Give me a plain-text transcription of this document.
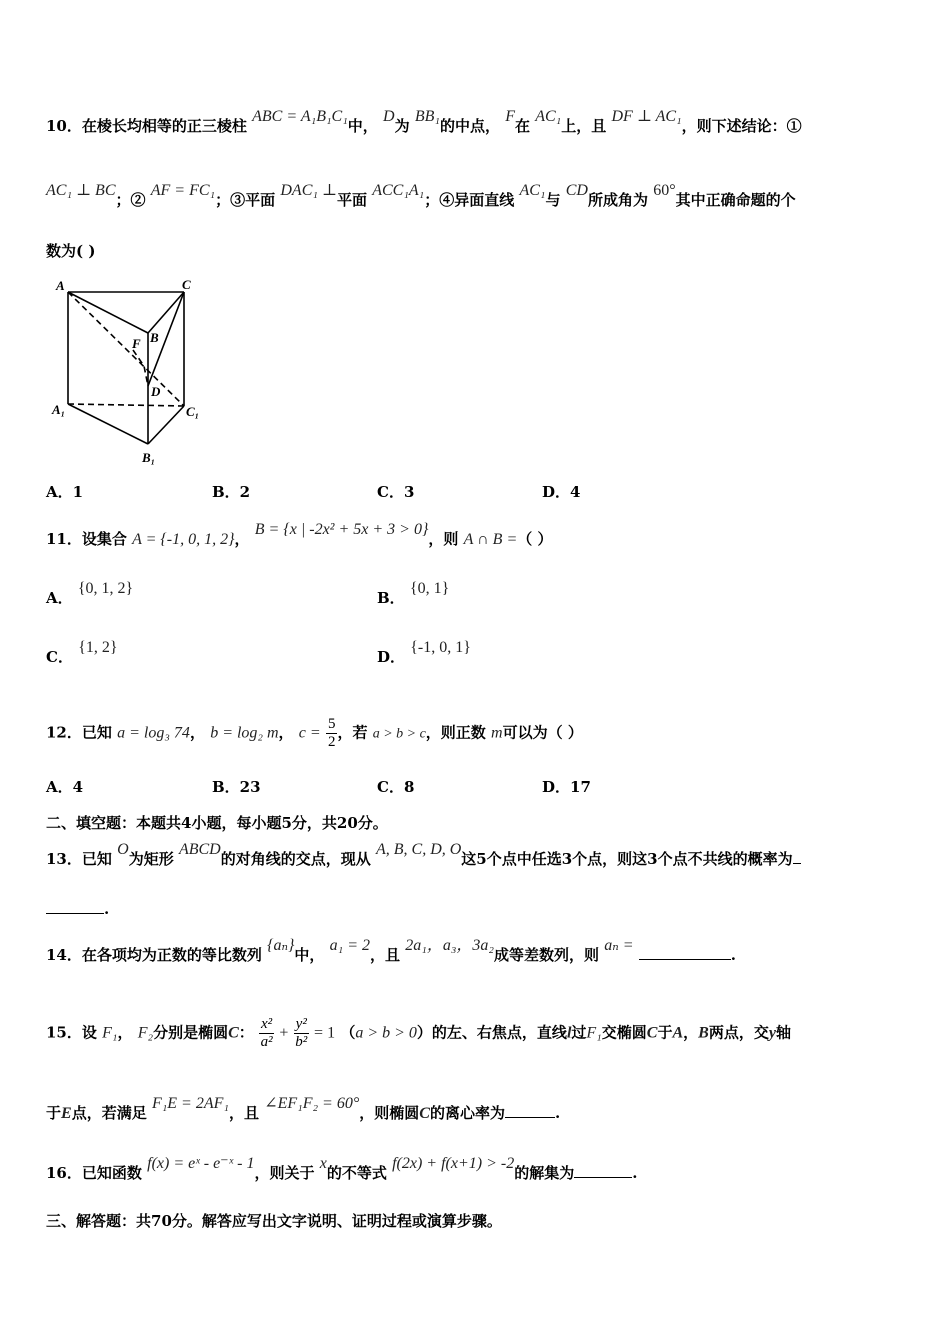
10．在棱长均相等的正三棱柱 ABC = A₁B₁C₁中， D为 BB₁的中点， F在 AC₁上，且 DF ⊥ AC₁，则下述结论：①
AC₁ ⊥ BC；② AF = FC₁；③平面 DAC₁ ⊥平面 ACC₁A₁；④异面直线 AC₁与 CD所成角为 60°其中正确命题的个
数为( )
A	C
B
F
D
A₁	C₁
B₁
A．1	B．2	C．3	D．4
11．设集合 A = {-1, 0, 1, 2}， B = {x | -2x² + 5x + 3 > 0}，则 A ∩ B =（ ）
A． {0, 1, 2}
B． {0, 1}
C． {1, 2}
D． {-1, 0, 1}
12．已知 a = log₃ 74， b = log₂ m， $c = \frac{5}{2}$ ，若 a > b > c，则正数 m可以为（ ）
A．4	B．23	C．8	D．17
二、填空题：本题共4小题，每小题5分，共20分。
13．已知 O为矩形 ABCD的对角线的交点，现从 A, B, C, D, O这5个点中任选3个点，则这3个点不共线的概率为
.
14．在各项均为正数的等比数列 {aₙ}中， a₁ = 2，且 2a₁，a₃，3a₂成等差数列，则 aₙ = .
15．设 F₁， F₂分别是椭圆C： $\frac{\text{x²}}{\text{a²}} + \frac{\text{y²}}{\text{b²}} = 1$ （a > b > 0）的左、右焦点，直线l过F₁交椭圆C于A，B两点，交y轴
于E点，若满足 F₁E = 2AF₁，且 ∠EF₁F₂ = 60°，则椭圆C的离心率为	.
16．已知函数 f(x) = eˣ - e⁻ˣ - 1，则关于 x的不等式 f(2x) + f(x+1) > -2的解集为	.
三、解答题：共70分。解答应写出文字说明、证明过程或演算步骤。
